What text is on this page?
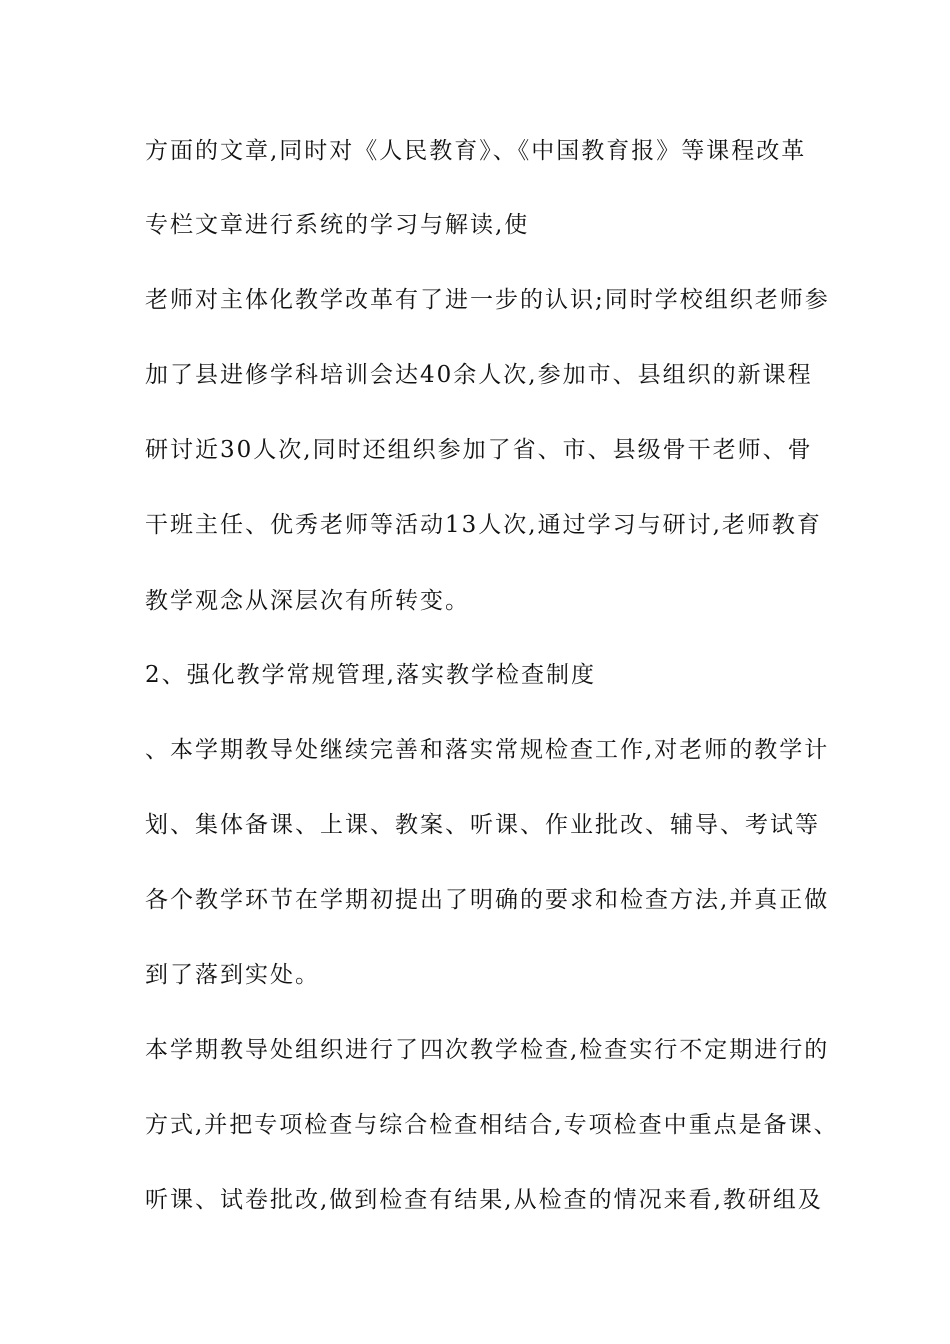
方面的文章,同时对《人民教育》、《中国教育报》等课程改革
专栏文章进行系统的学习与解读,使
老师对主体化教学改革有了进一步的认识;同时学校组织老师参
加了县进修学科培训会达40余人次,参加市、县组织的新课程
研讨近30人次,同时还组织参加了省、市、县级骨干老师、骨
干班主任、优秀老师等活动13人次,通过学习与研讨,老师教育
教学观念从深层次有所转变。
2、强化教学常规管理,落实教学检查制度
、本学期教导处继续完善和落实常规检查工作,对老师的教学计
划、集体备课、上课、教案、听课、作业批改、辅导、考试等
各个教学环节在学期初提出了明确的要求和检查方法,并真正做
到了落到实处。
本学期教导处组织进行了四次教学检查,检查实行不定期进行的
方式,并把专项检查与综合检查相结合,专项检查中重点是备课、
听课、试卷批改,做到检查有结果,从检查的情况来看,教研组及
